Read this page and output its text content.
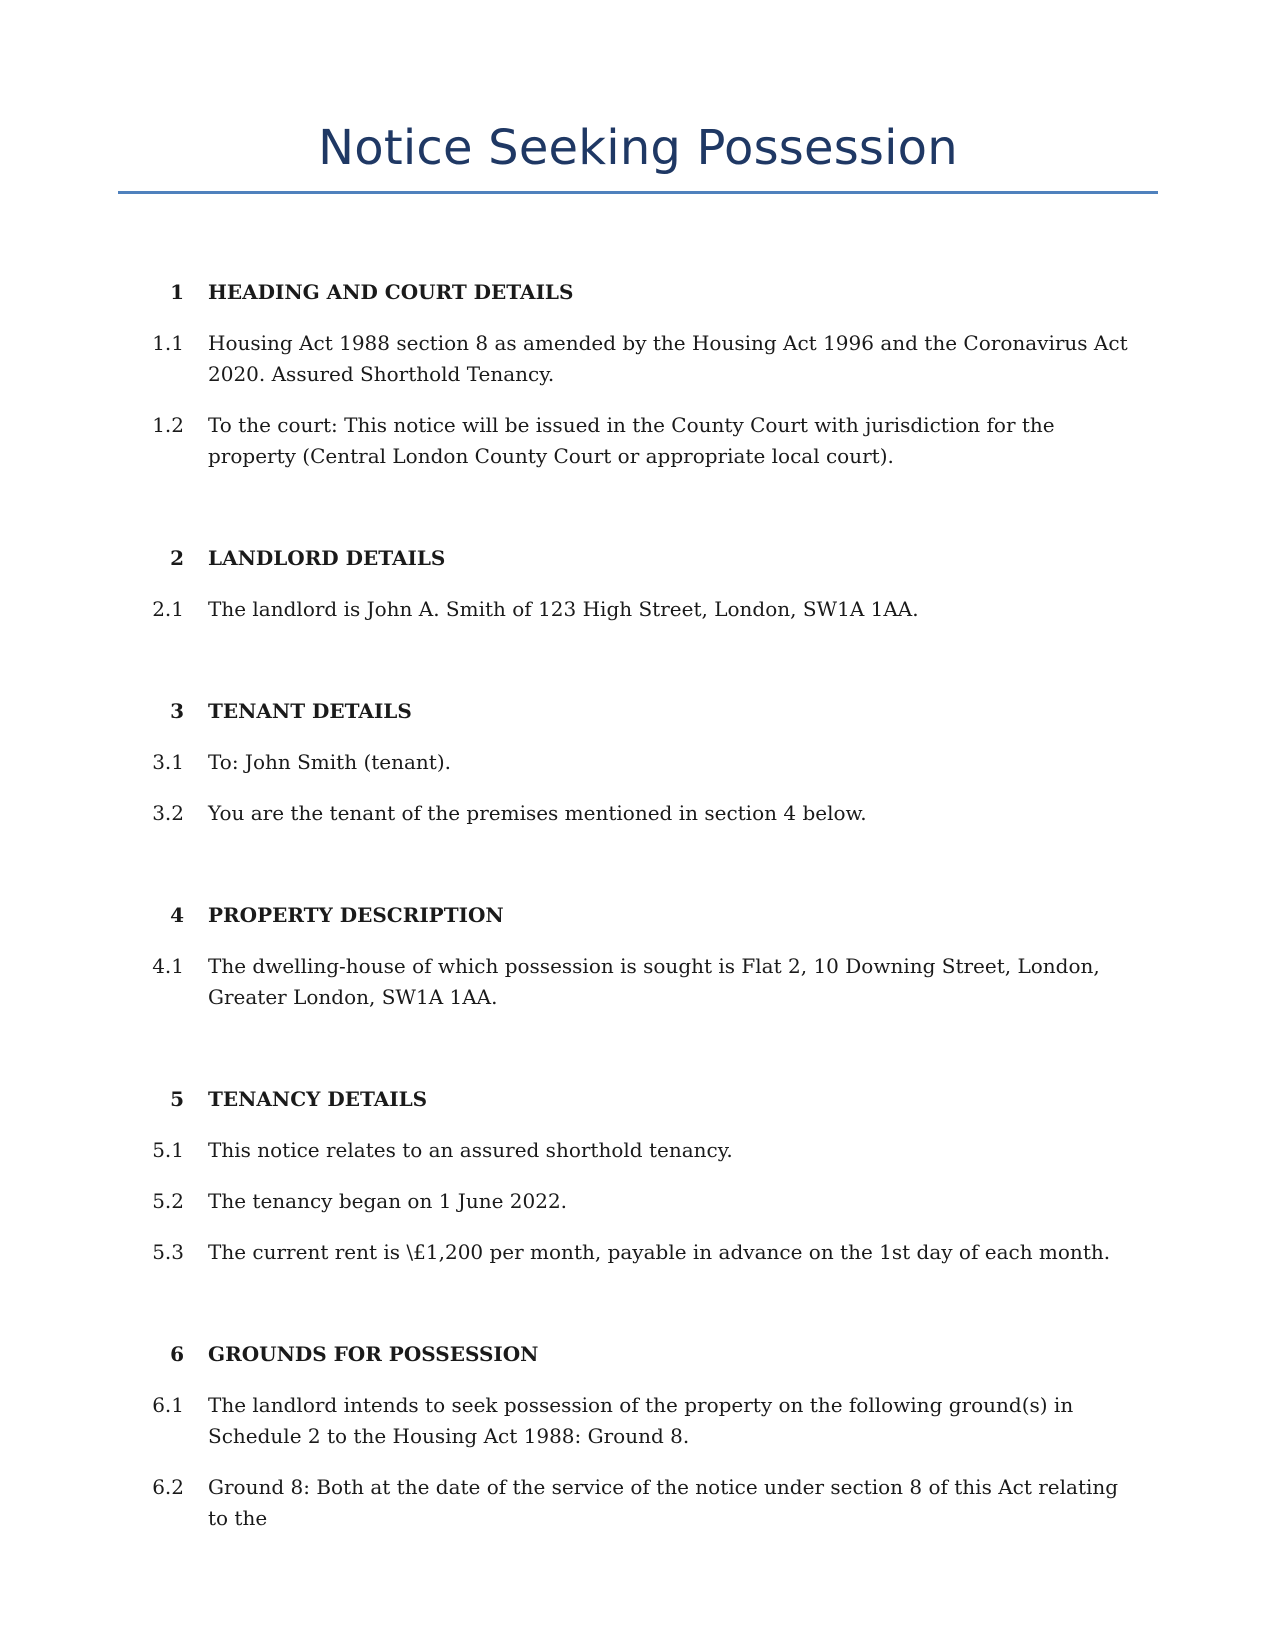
Notice Seeking Possession
1 HEADING AND COURT DETAILS
1.1 Housing Act 1988 section 8 as amended by the Housing Act 1996 and the Coronavirus Act 2020. Assured Shorthold Tenancy.
1.2 To the court: This notice will be issued in the County Court with jurisdiction for the property (Central London County Court or appropriate local court).
2 LANDLORD DETAILS
2.1 The landlord is John A. Smith of 123 High Street, London, SW1A 1AA.
3 TENANT DETAILS
3.1 To: John Smith (tenant).
3.2 You are the tenant of the premises mentioned in section 4 below.
4 PROPERTY DESCRIPTION
4.1 The dwelling-house of which possession is sought is Flat 2, 10 Downing Street, London, Greater London, SW1A 1AA.
5 TENANCY DETAILS
5.1 This notice relates to an assured shorthold tenancy.
5.2 The tenancy began on 1 June 2022.
5.3 The current rent is \£1,200 per month, payable in advance on the 1st day of each month.
6 GROUNDS FOR POSSESSION
6.1 The landlord intends to seek possession of the property on the following ground(s) in Schedule 2 to the Housing Act 1988: Ground 8.
6.2 Ground 8: Both at the date of the service of the notice under section 8 of this Act relating to the
